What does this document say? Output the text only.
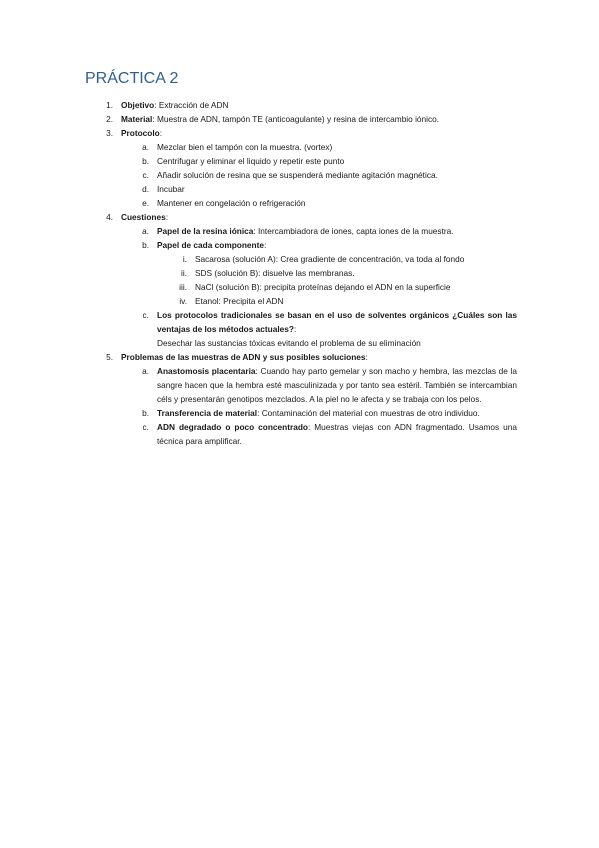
PRÁCTICA 2
1. Objetivo: Extracción de ADN
2. Material: Muestra de ADN, tampón TE (anticoagulante) y resina de intercambio iónico.
3. Protocolo:
a. Mezclar bien el tampón con la muestra. (vortex)
b. Centrifugar y eliminar el liquido y repetir este punto
c. Añadir solución de resina que se suspenderá mediante agitación magnética.
d. Incubar
e. Mantener en congelación o refrigeración
4. Cuestiones:
a. Papel de la resina iónica: Intercambiadora de iones, capta iones de la muestra.
b. Papel de cada componente:
i. Sacarosa (solución A): Crea gradiente de concentración, va toda al fondo
ii. SDS (solución B): disuelve las membranas.
iii. NaCl (solución B): precipita proteínas dejando el ADN en la superficie
iv. Etanol: Precipita el ADN
c. Los protocolos tradicionales se basan en el uso de solventes orgánicos ¿Cuáles son las ventajas de los métodos actuales?:
Desechar las sustancias tóxicas evitando el problema de su eliminación
5. Problemas de las muestras de ADN y sus posibles soluciones:
a. Anastomosis placentaria: Cuando hay parto gemelar y son macho y hembra, las mezclas de la sangre hacen que la hembra esté masculinizada y por tanto sea estéril. También se intercambian céls y presentarán genotipos mezclados. A la piel no le afecta y se trabaja con los pelos.
b. Transferencia de material: Contaminación del material con muestras de otro individuo.
c. ADN degradado o poco concentrado: Muestras viejas con ADN fragmentado. Usamos una técnica para amplificar.
